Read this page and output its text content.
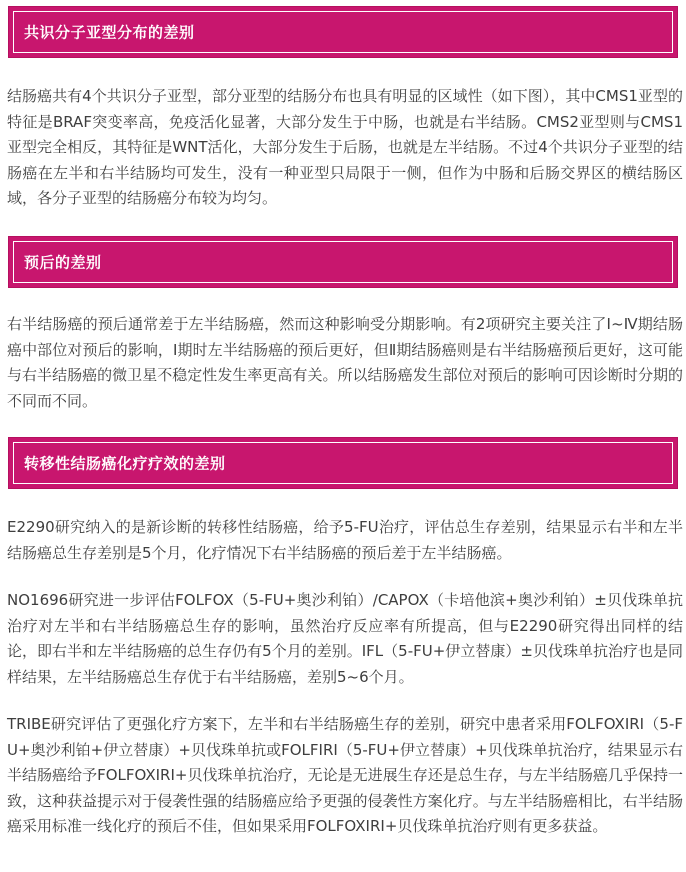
共识分子亚型分布的差别

结肠癌共有4个共识分子亚型，部分亚型的结肠分布也具有明显的区域性（如下图），其中CMS1亚型的特征是BRAF突变率高，免疫活化显著，大部分发生于中肠，也就是右半结肠。CMS2亚型则与CMS1亚型完全相反，其特征是WNT活化，大部分发生于后肠，也就是左半结肠。不过4个共识分子亚型的结肠癌在左半和右半结肠均可发生，没有一种亚型只局限于一侧，但作为中肠和后肠交界区的横结肠区域，各分子亚型的结肠癌分布较为均匀。

预后的差别

右半结肠癌的预后通常差于左半结肠癌，然而这种影响受分期影响。有2项研究主要关注了Ⅰ~Ⅳ期结肠癌中部位对预后的影响，Ⅰ期时左半结肠癌的预后更好，但Ⅱ期结肠癌则是右半结肠癌预后更好，这可能与右半结肠癌的微卫星不稳定性发生率更高有关。所以结肠癌发生部位对预后的影响可因诊断时分期的不同而不同。

转移性结肠癌化疗疗效的差别

E2290研究纳入的是新诊断的转移性结肠癌，给予5-FU治疗，评估总生存差别，结果显示右半和左半结肠癌总生存差别是5个月，化疗情况下右半结肠癌的预后差于左半结肠癌。

NO1696研究进一步评估FOLFOX（5-FU+奥沙利铂）/CAPOX（卡培他滨+奥沙利铂）±贝伐珠单抗治疗对左半和右半结肠癌总生存的影响，虽然治疗反应率有所提高，但与E2290研究得出同样的结论，即右半和左半结肠癌的总生存仍有5个月的差别。IFL（5-FU+伊立替康）±贝伐珠单抗治疗也是同样结果，左半结肠癌总生存优于右半结肠癌，差别5~6个月。

TRIBE研究评估了更强化疗方案下，左半和右半结肠癌生存的差别，研究中患者采用FOLFOXIRI（5-FU+奥沙利铂+伊立替康）+贝伐珠单抗或FOLFIRI（5-FU+伊立替康）+贝伐珠单抗治疗，结果显示右半结肠癌给予FOLFOXIRI+贝伐珠单抗治疗，无论是无进展生存还是总生存，与左半结肠癌几乎保持一致，这种获益提示对于侵袭性强的结肠癌应给予更强的侵袭性方案化疗。与左半结肠癌相比，右半结肠癌采用标准一线化疗的预后不佳，但如果采用FOLFOXIRI+贝伐珠单抗治疗则有更多获益。
